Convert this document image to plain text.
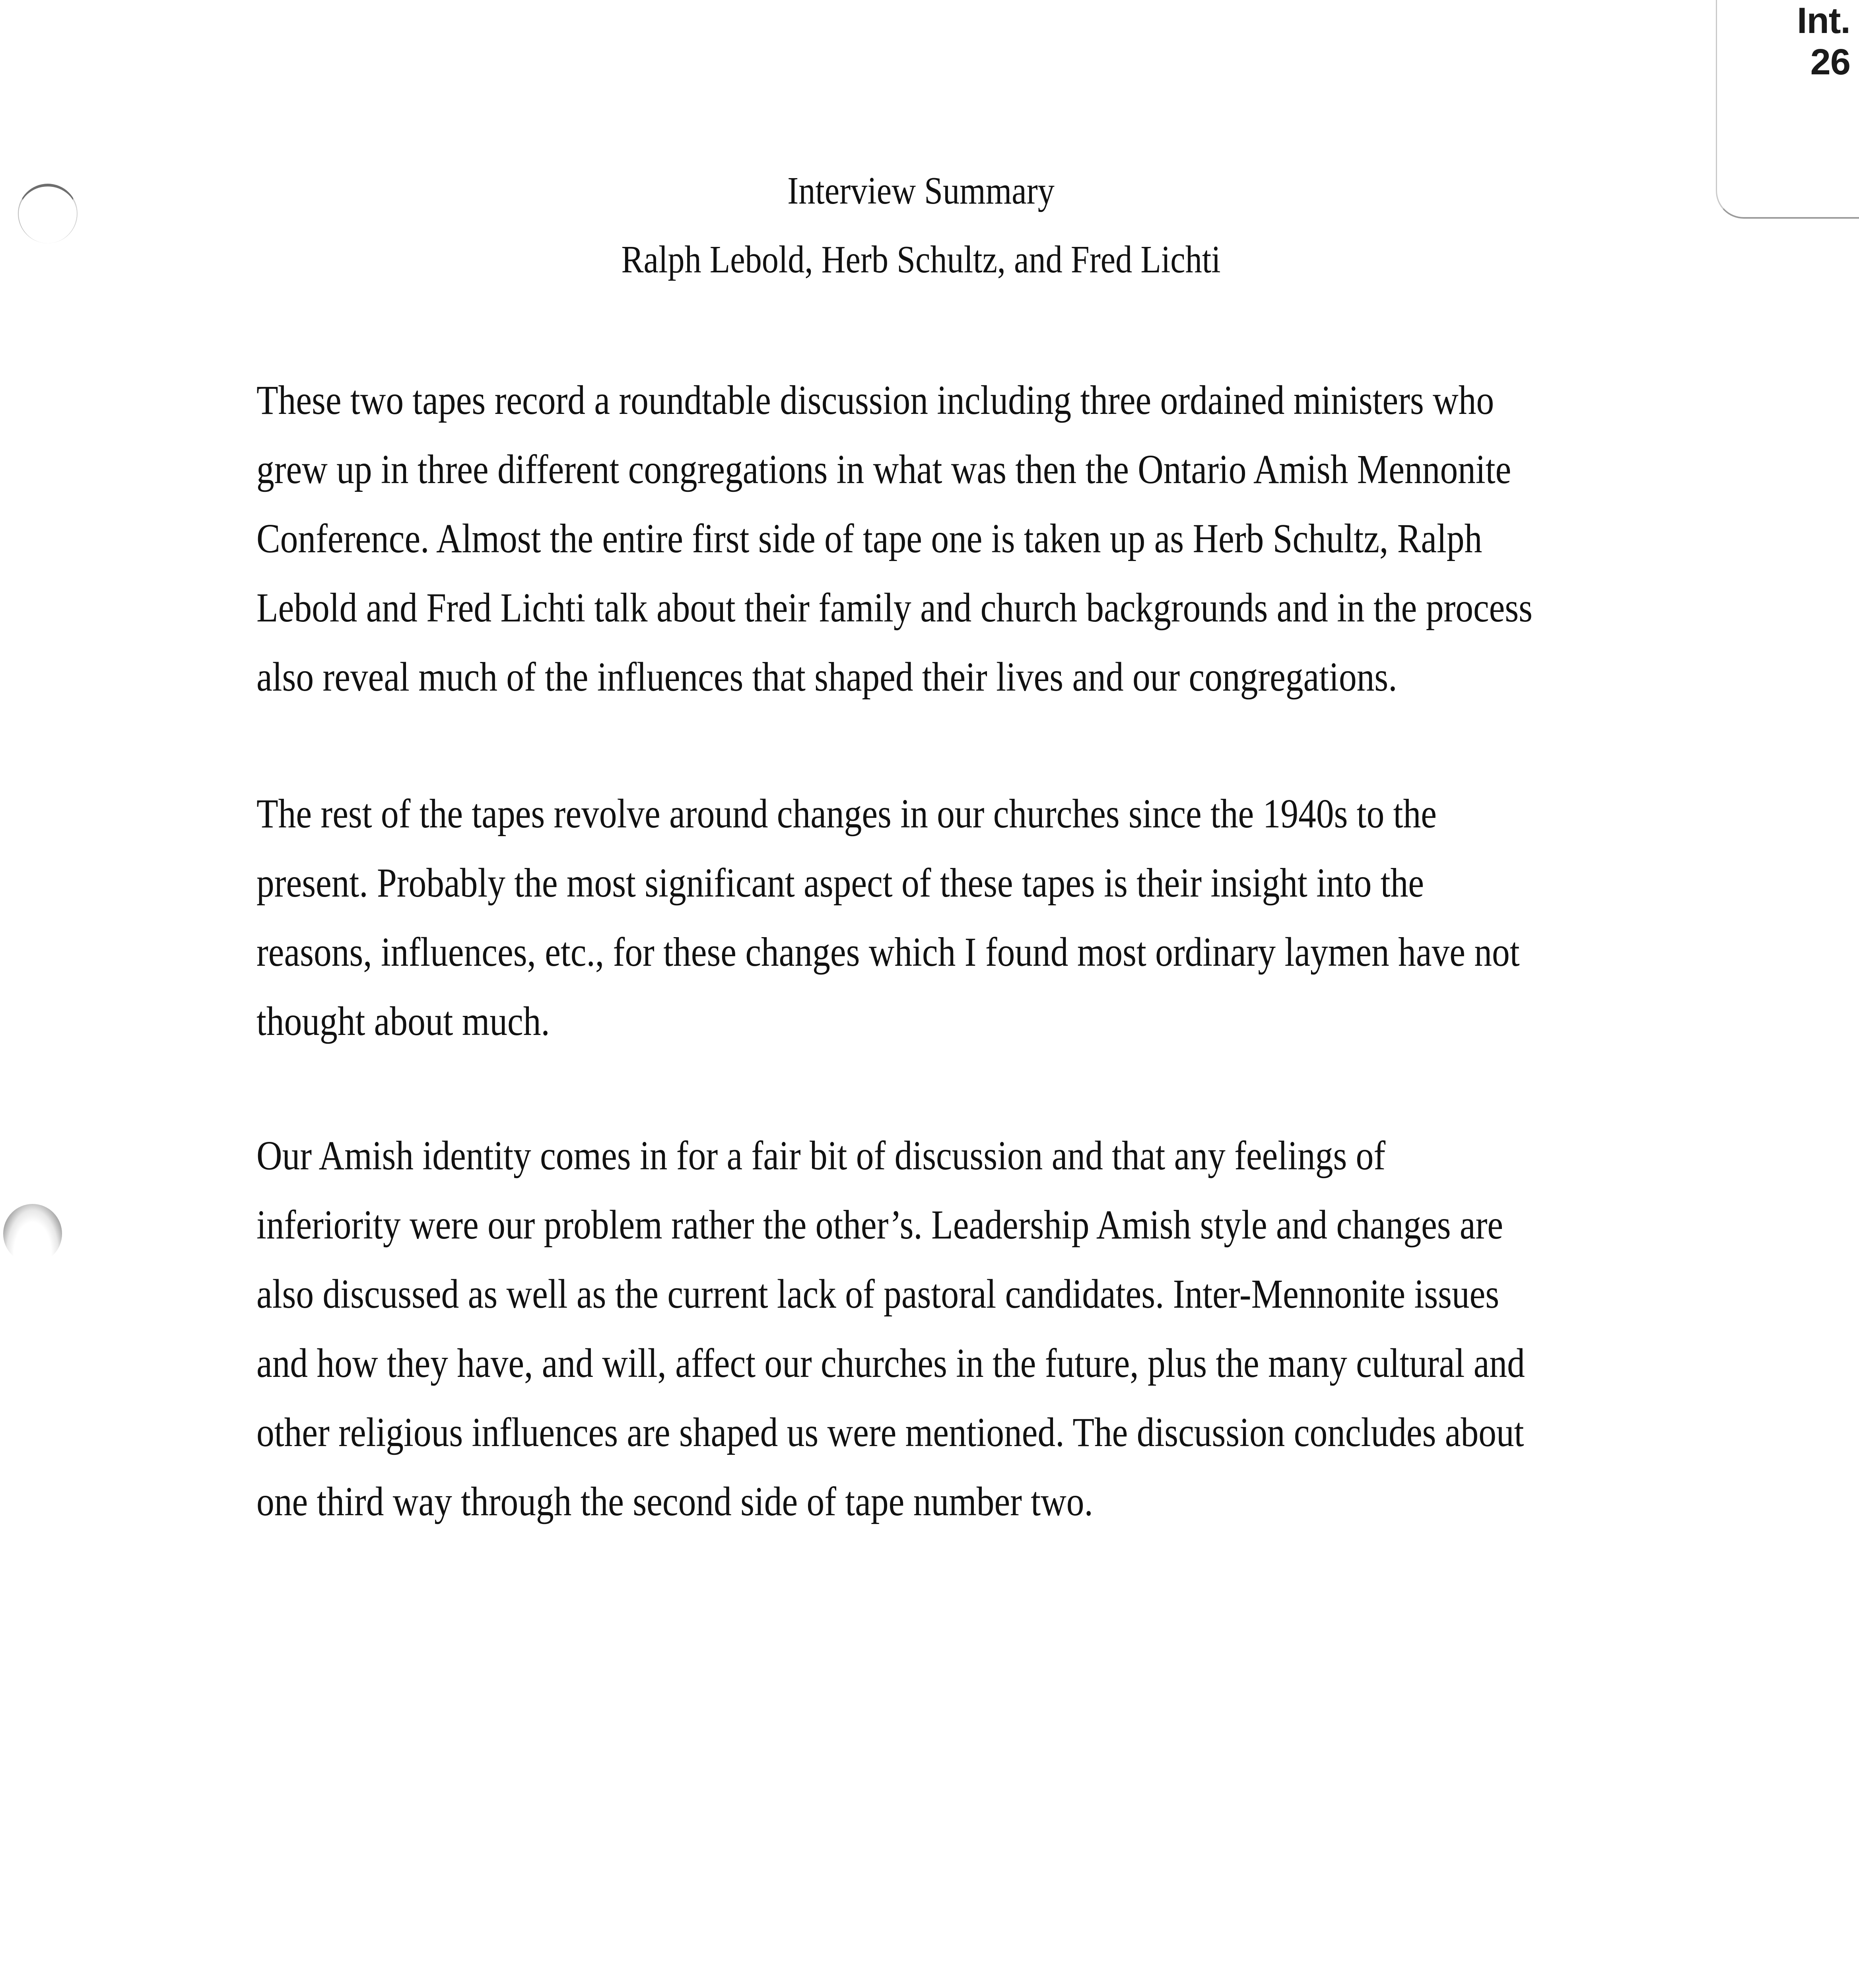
Int.
26
Interview Summary
Ralph Lebold, Herb Schultz, and Fred Lichti
These two tapes record a roundtable discussion including three ordained ministers who
grew up in three different congregations in what was then the Ontario Amish Mennonite
Conference. Almost the entire first side of tape one is taken up as Herb Schultz, Ralph
Lebold and Fred Lichti talk about their family and church backgrounds and in the process
also reveal much of the influences that shaped their lives and our congregations.
The rest of the tapes revolve around changes in our churches since the 1940s to the
present. Probably the most significant aspect of these tapes is their insight into the
reasons, influences, etc., for these changes which I found most ordinary laymen have not
thought about much.
Our Amish identity comes in for a fair bit of discussion and that any feelings of
inferiority were our problem rather the other’s. Leadership Amish style and changes are
also discussed as well as the current lack of pastoral candidates. Inter-Mennonite issues
and how they have, and will, affect our churches in the future, plus the many cultural and
other religious influences are shaped us were mentioned. The discussion concludes about
one third way through the second side of tape number two.
